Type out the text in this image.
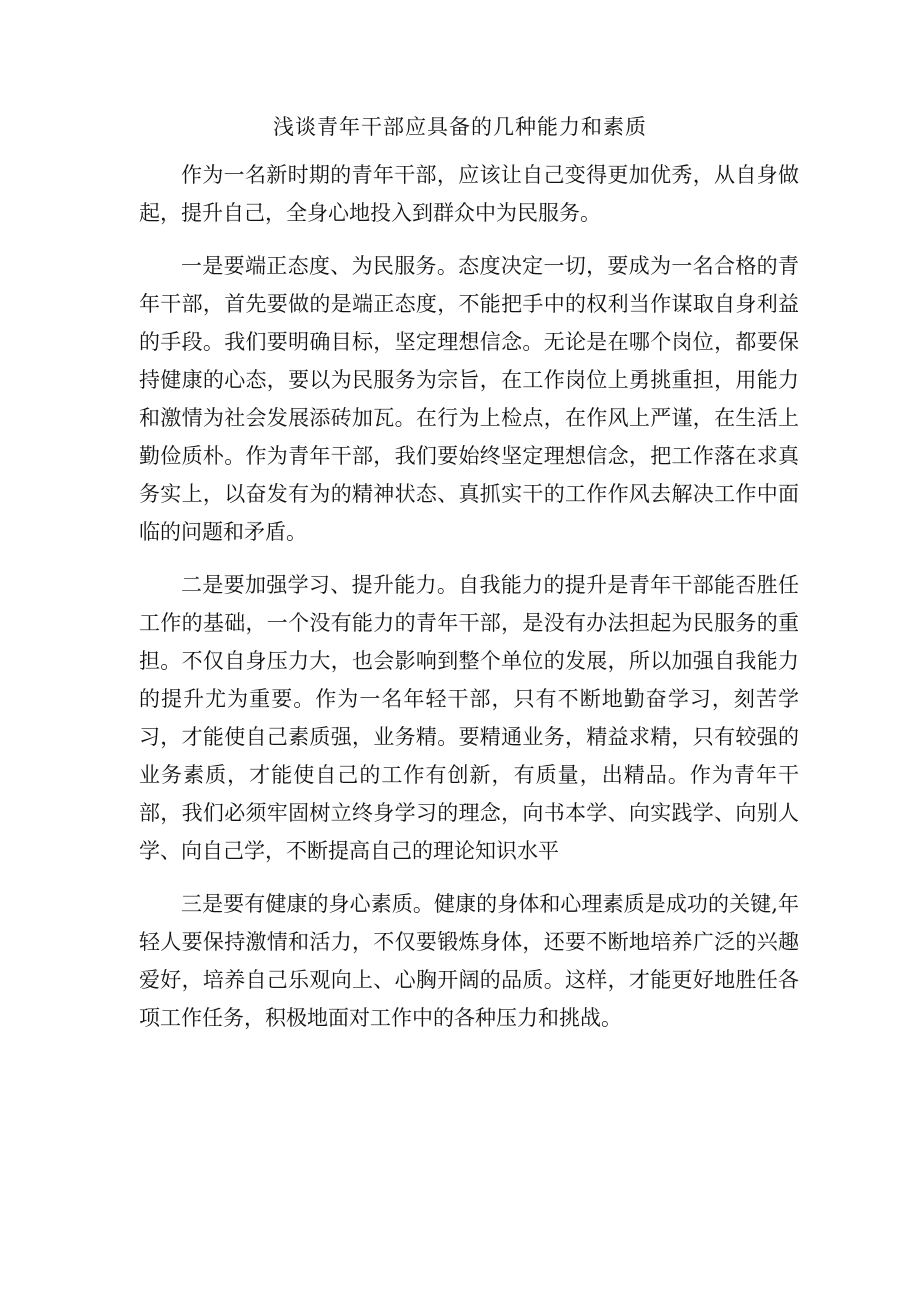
浅谈青年干部应具备的几种能力和素质

作为一名新时期的青年干部，应该让自己变得更加优秀，从自身做起，提升自己，全身心地投入到群众中为民服务。

一是要端正态度、为民服务。态度决定一切，要成为一名合格的青年干部，首先要做的是端正态度，不能把手中的权利当作谋取自身利益的手段。我们要明确目标，坚定理想信念。无论是在哪个岗位，都要保持健康的心态，要以为民服务为宗旨，在工作岗位上勇挑重担，用能力和激情为社会发展添砖加瓦。在行为上检点，在作风上严谨，在生活上勤俭质朴。作为青年干部，我们要始终坚定理想信念，把工作落在求真务实上，以奋发有为的精神状态、真抓实干的工作作风去解决工作中面临的问题和矛盾。

二是要加强学习、提升能力。自我能力的提升是青年干部能否胜任工作的基础，一个没有能力的青年干部，是没有办法担起为民服务的重担。不仅自身压力大，也会影响到整个单位的发展，所以加强自我能力的提升尤为重要。作为一名年轻干部，只有不断地勤奋学习，刻苦学习，才能使自己素质强，业务精。要精通业务，精益求精，只有较强的业务素质，才能使自己的工作有创新，有质量，出精品。作为青年干部，我们必须牢固树立终身学习的理念，向书本学、向实践学、向别人学、向自己学，不断提高自己的理论知识水平

三是要有健康的身心素质。健康的身体和心理素质是成功的关键,年轻人要保持激情和活力，不仅要锻炼身体，还要不断地培养广泛的兴趣爱好，培养自己乐观向上、心胸开阔的品质。这样，才能更好地胜任各项工作任务，积极地面对工作中的各种压力和挑战。
